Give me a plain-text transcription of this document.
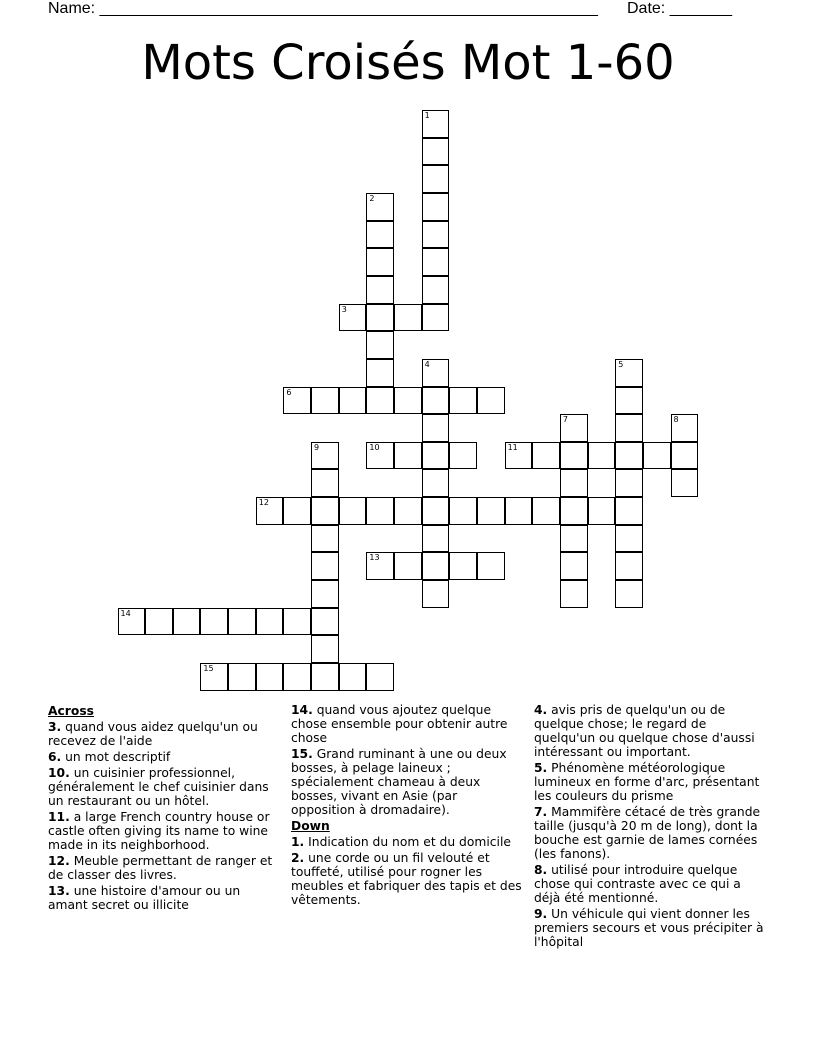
Name: ________________________________________________________ Date: _______
Mots Croisés Mot 1-60
1
2
3
4	5
6
7	8
9	10	11
12
13
14
15
Across
3. quand vous aidez quelqu'un ou recevez de l'aide
6. un mot descriptif
10. un cuisinier professionnel, généralement le chef cuisinier dans un restaurant ou un hôtel.
11. a large French country house or castle often giving its name to wine made in its neighborhood.
12. Meuble permettant de ranger et de classer des livres.
13. une histoire d'amour ou un amant secret ou illicite
14. quand vous ajoutez quelque chose ensemble pour obtenir autre chose
15. Grand ruminant à une ou deux bosses, à pelage laineux ; spécialement chameau à deux bosses, vivant en Asie (par opposition à dromadaire).
Down
1. Indication du nom et du domicile
2. une corde ou un fil velouté et touffeté, utilisé pour rogner les meubles et fabriquer des tapis et des vêtements.
4. avis pris de quelqu'un ou de quelque chose; le regard de quelqu'un ou quelque chose d'aussi intéressant ou important.
5. Phénomène météorologique lumineux en forme d'arc, présentant les couleurs du prisme
7. Mammifère cétacé de très grande taille (jusqu'à 20 m de long), dont la bouche est garnie de lames cornées (les fanons).
8. utilisé pour introduire quelque chose qui contraste avec ce qui a déjà été mentionné.
9. Un véhicule qui vient donner les premiers secours et vous précipiter à l'hôpital
